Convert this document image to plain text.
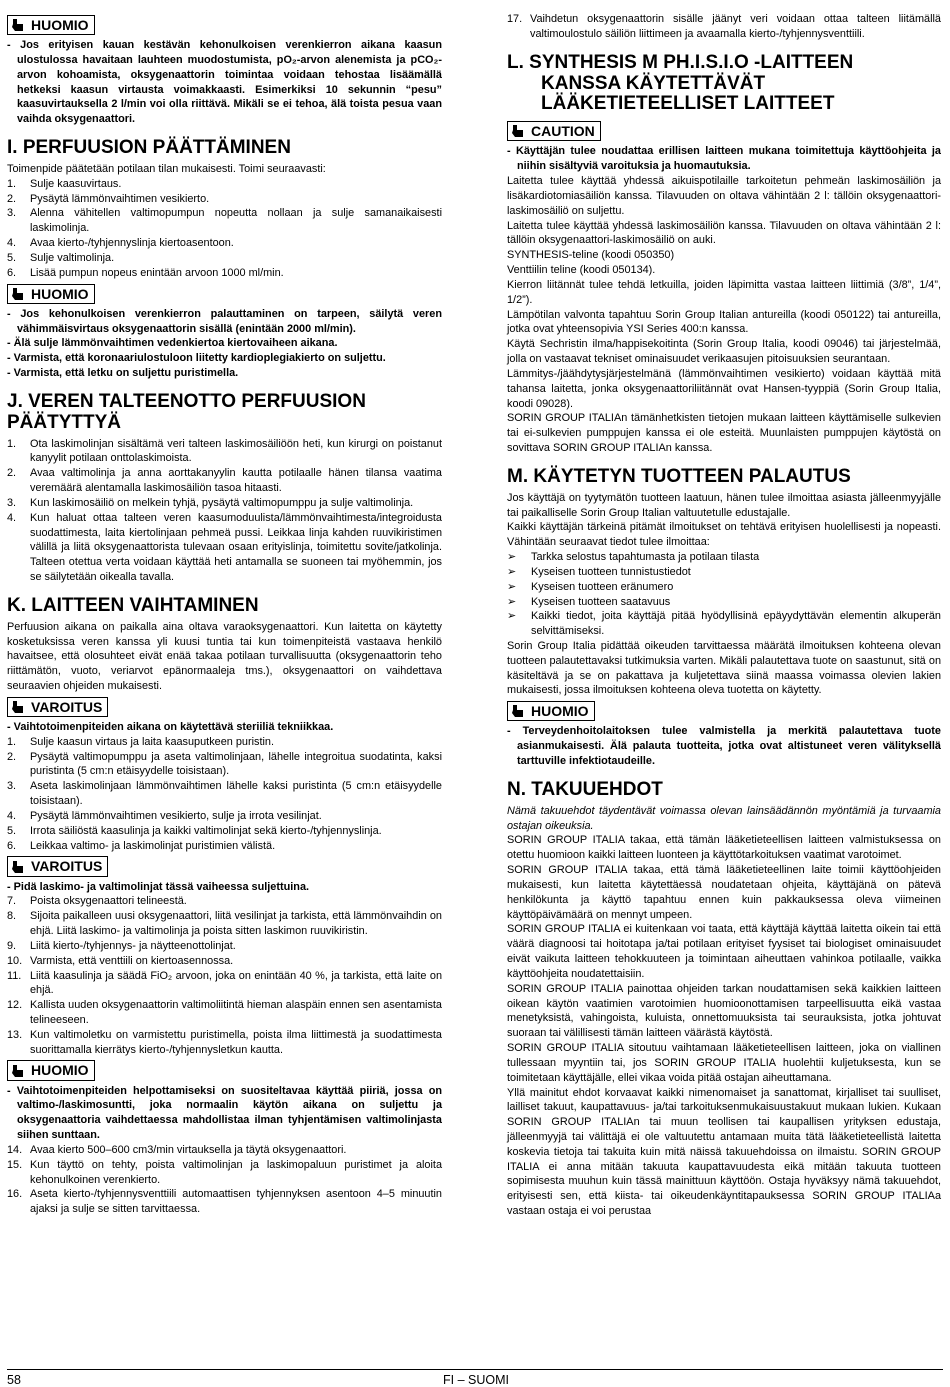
HUOMIO
- Jos erityisen kauan kestävän kehonulkoisen verenkierron aikana kaasun ulostulossa havaitaan lauhteen muodostumista, pO₂-arvon alenemista ja pCO₂-arvon kohoamista, oksygenaattorin toimintaa voidaan tehostaa lisäämällä hetkeksi kaasun virtausta voimakkaasti. Esimerkiksi 10 sekunnin “pesu” kaasuvirtauksella 2 l/min voi olla riittävä. Mikäli se ei tehoa, älä toista pesua vaan vaihda oksygenaattori.
I. PERFUUSION PÄÄTTÄMINEN

Toimenpide päätetään potilaan tilan mukaisesti. Toimi seuraavasti:

1.	Sulje kaasuvirtaus.
2.	Pysäytä lämmönvaihtimen vesikierto.
3.	Alenna vähitellen valtimopumpun nopeutta nollaan ja sulje samanaikaisesti laskimolinja.
4.	Avaa kierto-/tyhjennyslinja kiertoasentoon.
5.	Sulje valtimolinja.
6.	Lisää pumpun nopeus enintään arvoon 1000 ml/min.
HUOMIO
- Jos kehonulkoisen verenkierron palauttaminen on tarpeen, säilytä veren vähimmäisvirtaus oksygenaattorin sisällä (enintään 2000 ml/min).
- Älä sulje lämmönvaihtimen vedenkiertoa kiertovaiheen aikana.
- Varmista, että koronaariulostuloon liitetty kardioplegiakierto on suljettu.
- Varmista, että letku on suljettu puristimella.
J. VEREN TALTEENOTTO PERFUUSION PÄÄTYTTYÄ
1.	Ota laskimolinjan sisältämä veri talteen laskimosäiliöön heti, kun kirurgi on poistanut kanyylit potilaan onttolaskimoista.
2.	Avaa valtimolinja ja anna aorttakanyylin kautta potilaalle hänen tilansa vaatima veremäärä alentamalla laskimosäiliön tasoa hitaasti.
3.	Kun laskimosäiliö on melkein tyhjä, pysäytä valtimopumppu ja sulje valtimolinja.
4.	Kun haluat ottaa talteen veren kaasumoduulista/lämmönvaihtimesta/integroidusta suodattimesta, laita kiertolinjaan pehmeä pussi. Leikkaa linja kahden ruuvikiristimen välillä ja liitä oksygenaattorista tulevaan osaan erityislinja, toimitettu sovite/jatkolinja. Talteen otettua verta voidaan käyttää heti antamalla se suoneen tai myöhemmin, jos se säilytetään oikealla tavalla.
K. LAITTEEN VAIHTAMINEN

Perfuusion aikana on paikalla aina oltava varaoksygenaattori. Kun laitetta on käytetty kosketuksissa veren kanssa yli kuusi tuntia tai kun toimenpiteistä vastaava henkilö havaitsee, että olosuhteet eivät enää takaa potilaan turvallisuutta (oksygenaattorin teho riittämätön, vuoto, veriarvot epänormaaleja tms.), oksygenaattori on vaihdettava seuraavien ohjeiden mukaisesti.

VAROITUS
- Vaihtotoimenpiteiden aikana on käytettävä steriiliä tekniikkaa.
1.	Sulje kaasun virtaus ja laita kaasuputkeen puristin.
2.	Pysäytä valtimopumppu ja aseta valtimolinjaan, lähelle integroitua suodatinta, kaksi puristinta (5 cm:n etäisyydelle toisistaan).
3.	Aseta laskimolinjaan lämmönvaihtimen lähelle kaksi puristinta (5 cm:n etäisyydelle toisistaan).
4.	Pysäytä lämmönvaihtimen vesikierto, sulje ja irrota vesilinjat.
5.	Irrota säiliöstä kaasulinja ja kaikki valtimolinjat sekä kierto-/tyhjennyslinja.
6.	Leikkaa valtimo- ja laskimolinjat puristimien välistä.
VAROITUS
- Pidä laskimo- ja valtimolinjat tässä vaiheessa suljettuina.
7.	Poista oksygenaattori telineestä.
8.	Sijoita paikalleen uusi oksygenaattori, liitä vesilinjat ja tarkista, että lämmönvaihdin on ehjä. Liitä laskimo- ja valtimolinja ja poista sitten laskimon ruuvikiristin.
9.	Liitä kierto-/tyhjennys- ja näytteenottolinjat.
10. Varmista, että venttiili on kiertoasennossa.
11. Liitä kaasulinja ja säädä FiO₂ arvoon, joka on enintään 40 %, ja tarkista, että laite on ehjä.
12. Kallista uuden oksygenaattorin valtimoliitintä hieman alaspäin ennen sen asentamista telineeseen.
13. Kun valtimoletku on varmistettu puristimella, poista ilma liittimestä ja suodattimesta suorittamalla kierrätys kierto-/tyhjennysletkun kautta.
HUOMIO
- Vaihtotoimenpiteiden helpottamiseksi on suositeltavaa käyttää piiriä, jossa on valtimo-/laskimosuntti, joka normaalin käytön aikana on suljettu ja oksygenaattoria vaihdettaessa mahdollistaa ilman tyhjentämisen valtimolinjasta siihen sunttaan.
14. Avaa kierto 500–600 cm3/min virtauksella ja täytä oksygenaattori.
15. Kun täyttö on tehty, poista valtimolinjan ja laskimopaluun puristimet ja aloita kehonulkoinen verenkierto.
16. Aseta kierto-/tyhjennysventtiili automaattisen tyhjennyksen asentoon 4–5 minuutin ajaksi ja sulje se sitten tarvittaessa.
17. Vaihdetun oksygenaattorin sisälle jäänyt veri voidaan ottaa talteen liitämällä valtimoulostulo säiliön liittimeen ja avaamalla kierto-/tyhjennysventtiili.
L. SYNTHESIS M PH.I.S.I.O -LAITTEEN
KANSSA KÄYTETTÄVÄT
LÄÄKETIETEELLISET LAITTEET
CAUTION
- Käyttäjän tulee noudattaa erillisen laitteen mukana toimitettuja käyttöohjeita ja niihin sisältyviä varoituksia ja huomautuksia.

Laitetta tulee käyttää yhdessä aikuispotilaille tarkoitetun pehmeän laskimosäiliön ja lisäkardiotomiasäiliön kanssa. Tilavuuden on oltava vähintään 2 l: tällöin oksygenaattori-laskimosäiliö on suljettu.

Laitetta tulee käyttää yhdessä laskimosäiliön kanssa. Tilavuuden on oltava vähintään 2 l: tällöin oksygenaattori-laskimosäiliö on auki.

SYNTHESIS-teline (koodi 050350)

Venttiilin teline (koodi 050134).

Kierron liitännät tulee tehdä letkuilla, joiden läpimitta vastaa laitteen liittimiä (3/8”, 1/4”, 1/2”).

Lämpötilan valvonta tapahtuu Sorin Group Italian antureilla (koodi 050122) tai antureilla, jotka ovat yhteensopivia YSI Series 400:n kanssa.

Käytä Sechristin ilma/happisekoitinta (Sorin Group Italia, koodi 09046) tai järjestelmää, jolla on vastaavat tekniset ominaisuudet verikaasujen pitoisuuksien seurantaan.

Lämmitys-/jäähdytysjärjestelmänä (lämmönvaihtimen vesikierto) voidaan käyttää mitä tahansa laitetta, jonka oksygenaattoriliitännät ovat Hansen-tyyppiä (Sorin Group Italia, koodi 09028).

SORIN GROUP ITALIAn tämänhetkisten tietojen mukaan laitteen käyttämiselle sulkevien tai ei-sulkevien pumppujen kanssa ei ole esteitä. Muunlaisten pumppujen käytöstä on sovittava SORIN GROUP ITALIAn kanssa.

M. KÄYTETYN TUOTTEEN PALAUTUS

Jos käyttäjä on tyytymätön tuotteen laatuun, hänen tulee ilmoittaa asiasta jälleenmyyjälle tai paikalliselle Sorin Group Italian valtuutetulle edustajalle.

Kaikki käyttäjän tärkeinä pitämät ilmoitukset on tehtävä erityisen huolellisesti ja nopeasti. Vähintään seuraavat tiedot tulee ilmoittaa:

➢	Tarkka selostus tapahtumasta ja potilaan tilasta
➢	Kyseisen tuotteen tunnistustiedot
➢	Kyseisen tuotteen eränumero
➢	Kyseisen tuotteen saatavuus
➢	Kaikki tiedot, joita käyttäjä pitää hyödyllisinä epäyydyttävän elementin alkuperän selvittämiseksi.

Sorin Group Italia pidättää oikeuden tarvittaessa määrätä ilmoituksen kohteena olevan tuotteen palautettavaksi tutkimuksia varten. Mikäli palautettava tuote on saastunut, sitä on käsiteltävä ja se on pakattava ja kuljetettava siinä maassa voimassa olevien lakien mukaisesti, jossa ilmoituksen kohteena oleva tuotetta on käytetty.

HUOMIO
- Terveydenhoitolaitoksen tulee valmistella ja merkitä palautettava tuote asianmukaisesti. Älä palauta tuotteita, jotka ovat altistuneet veren välityksellä tarttuville infektiotaudeille.
N. TAKUUEHDOT

Nämä takuuehdot täydentävät voimassa olevan lainsäädännön myöntämiä ja turvaamia ostajan oikeuksia.

SORIN GROUP ITALIA takaa, että tämän lääketieteellisen laitteen valmistuksessa on otettu huomioon kaikki laitteen luonteen ja käyttötarkoituksen vaatimat varotoimet.

SORIN GROUP ITALIA takaa, että tämä lääketieteellinen laite toimii käyttöohjeiden mukaisesti, kun laitetta käytettäessä noudatetaan ohjeita, käyttäjänä on pätevä henkilökunta ja käyttö tapahtuu ennen kuin pakkauksessa oleva viimeinen käyttöpäivämäärä on mennyt umpeen.

SORIN GROUP ITALIA ei kuitenkaan voi taata, että käyttäjä käyttää laitetta oikein tai että väärä diagnoosi tai hoitotapa ja/tai potilaan erityiset fyysiset tai biologiset ominaisuudet eivät vaikuta laitteen tehokkuuteen ja toimintaan aiheuttaen vahinkoa potilaalle, vaikka käyttöohjeita noudatettaisiin.

SORIN GROUP ITALIA painottaa ohjeiden tarkan noudattamisen sekä kaikkien laitteen oikean käytön vaatimien varotoimien huomioonottamisen tarpeellisuutta eikä vastaa menetyksistä, vahingoista, kuluista, onnettomuuksista tai seurauksista, jotka johtuvat suoraan tai välillisesti tämän laitteen väärästä käytöstä.

SORIN GROUP ITALIA sitoutuu vaihtamaan lääketieteellisen laitteen, joka on viallinen tullessaan myyntiin tai, jos SORIN GROUP ITALIA huolehtii kuljetuksesta, kun se toimitetaan käyttäjälle, ellei vikaa voida pitää ostajan aiheuttamana.

Yllä mainitut ehdot korvaavat kaikki nimenomaiset ja sanattomat, kirjalliset tai suulliset, lailliset takuut, kaupattavuus- ja/tai tarkoituksenmukaisuustakuut mukaan lukien. Kukaan SORIN GROUP ITALIAn tai muun teollisen tai kaupallisen yrityksen edustaja, jälleenmyyjä tai välittäjä ei ole valtuutettu antamaan muita tätä lääketieteellistä laitetta koskevia tietoja tai takuita kuin mitä näissä takuuehdoissa on ilmaistu. SORIN GROUP ITALIA ei anna mitään takuuta kaupattavuudesta eikä mitään takuuta tuotteen sopimisesta muuhun kuin tässä mainittuun käyttöön. Ostaja hyväksyy nämä takuuehdot, erityisesti sen, että kiista- tai oikeudenkäyntitapauksessa SORIN GROUP ITALIAa vastaan ostaja ei voi perustaa

58	FI – SUOMI
